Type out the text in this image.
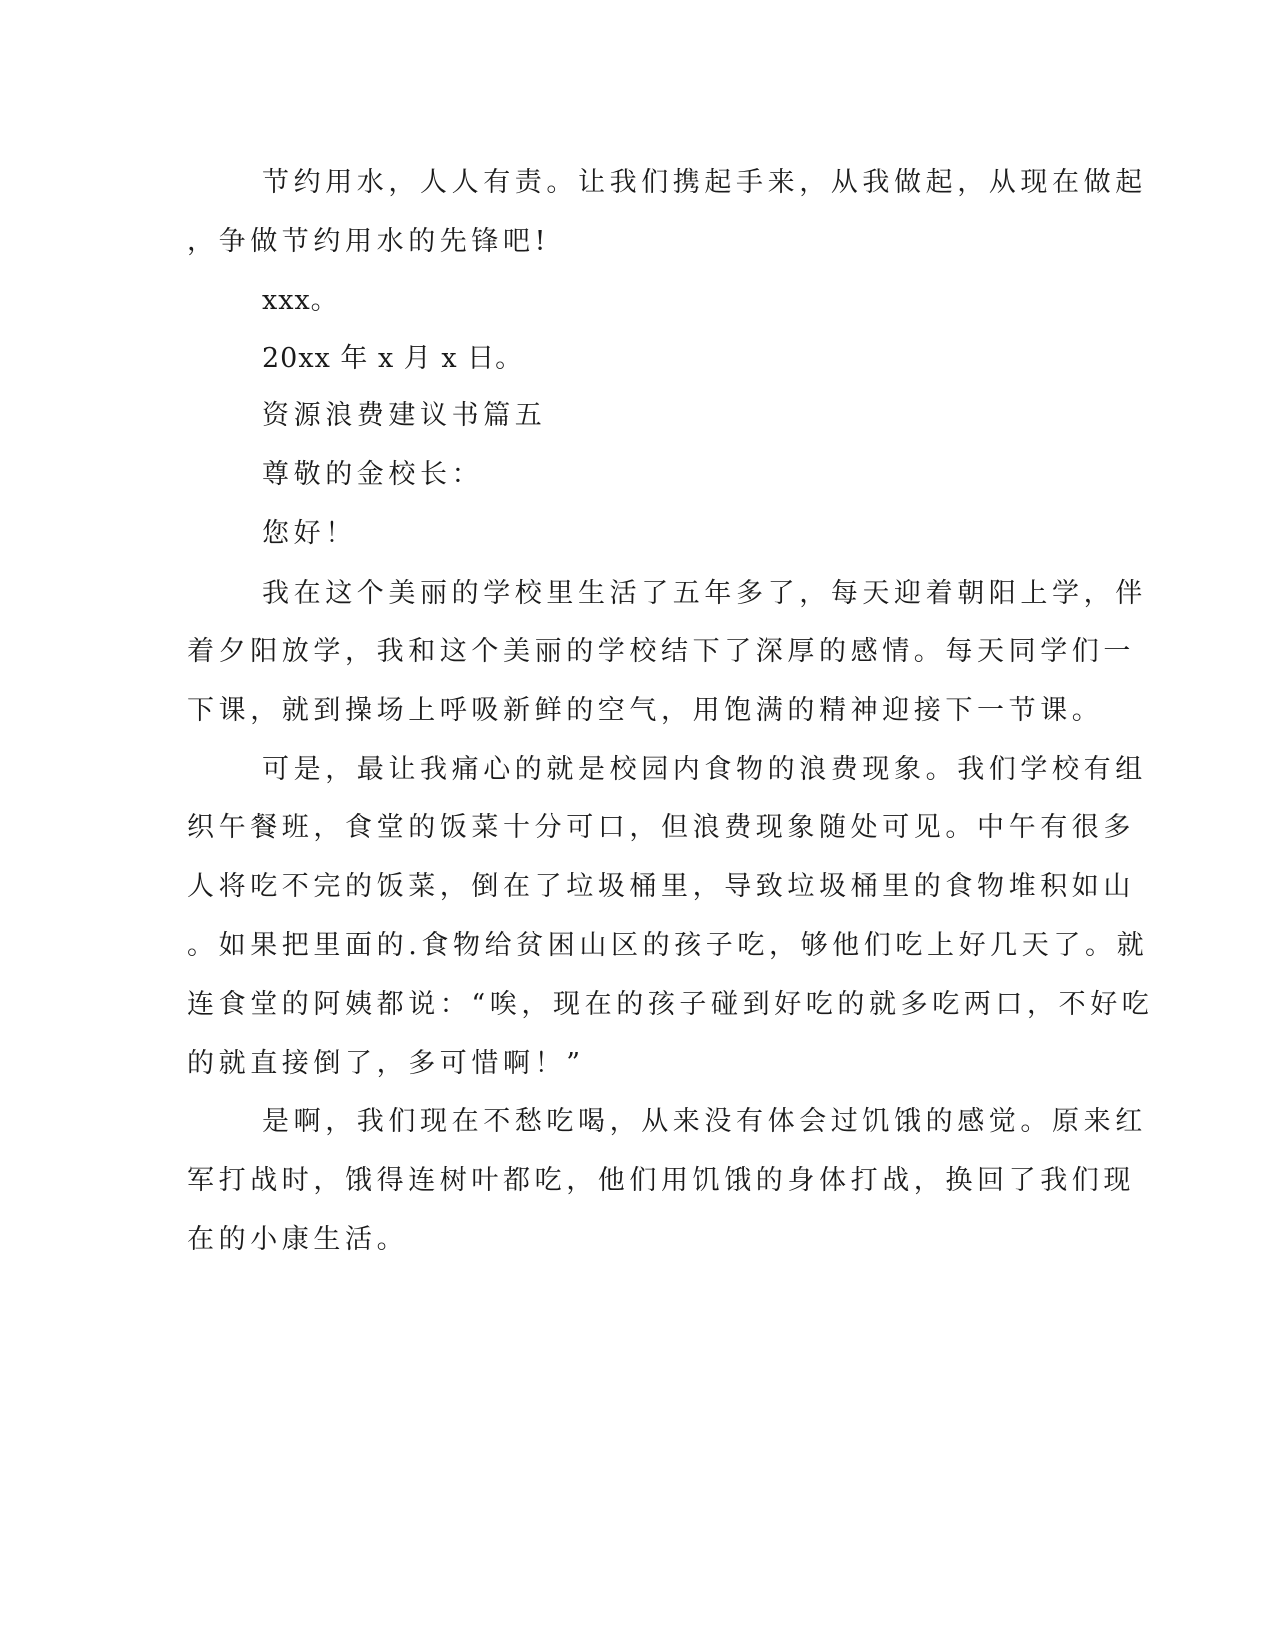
节约用水，人人有责。让我们携起手来，从我做起，从现在做起
，争做节约用水的先锋吧!
xxx。
20xx 年 x 月 x 日。
资源浪费建议书篇五
尊敬的金校长：
您好！
我在这个美丽的学校里生活了五年多了，每天迎着朝阳上学，伴
着夕阳放学，我和这个美丽的学校结下了深厚的感情。每天同学们一
下课，就到操场上呼吸新鲜的空气，用饱满的精神迎接下一节课。
可是，最让我痛心的就是校园内食物的浪费现象。我们学校有组
织午餐班，食堂的饭菜十分可口，但浪费现象随处可见。中午有很多
人将吃不完的饭菜，倒在了垃圾桶里，导致垃圾桶里的食物堆积如山
。如果把里面的.食物给贫困山区的孩子吃，够他们吃上好几天了。就
连食堂的阿姨都说：“唉，现在的孩子碰到好吃的就多吃两口，不好吃
的就直接倒了，多可惜啊！”
是啊，我们现在不愁吃喝，从来没有体会过饥饿的感觉。原来红
军打战时，饿得连树叶都吃，他们用饥饿的身体打战，换回了我们现
在的小康生活。
